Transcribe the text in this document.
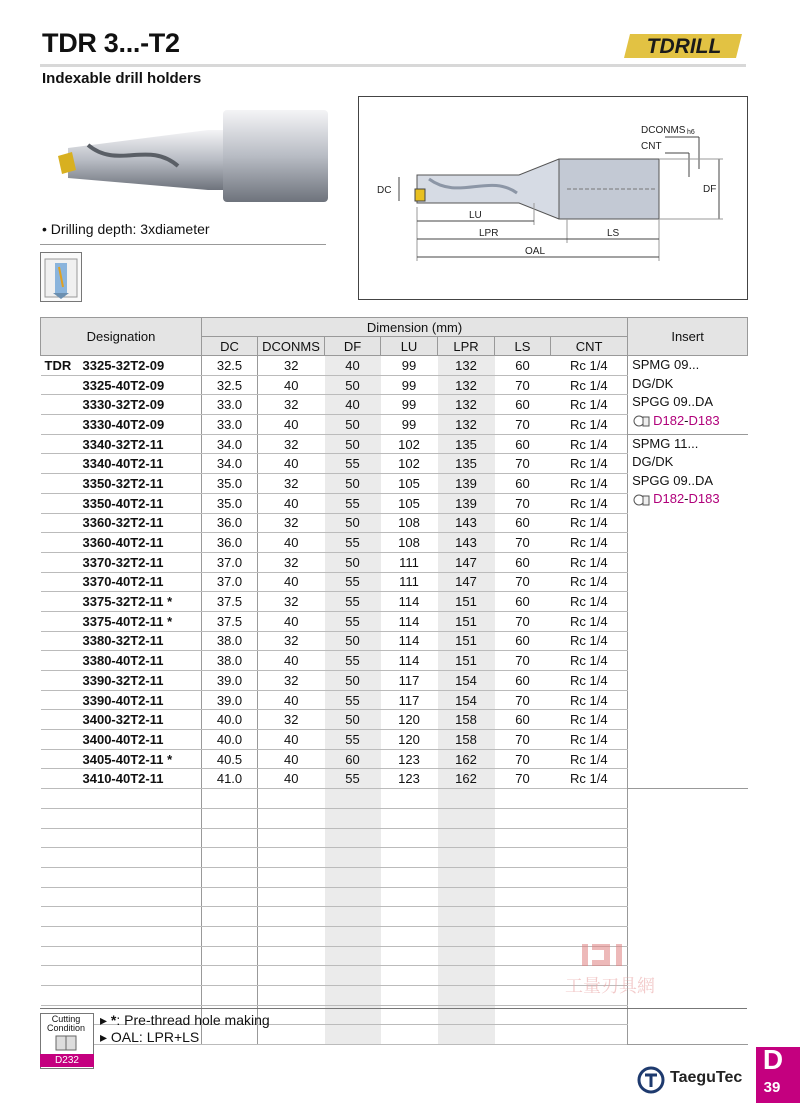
TDR 3...-T2
Indexable drill holders
TDRILL
• Drilling depth: 3xdiameter
DCONMS h6
CNT
DF
DC
LU
LPR	LS
OAL
Designation	Dimension (mm)							Insert
	DC	DCONMS	DF	LU	LPR	LS	CNT	
TDR 3325-32T2-09	32.5	32	40	99	132	60	Rc 1/4	SPMG 09...
DG/DK
SPGG 09..DA
D182-D183

3325-40T2-09	32.5	40	50	99	132	70	Rc 1/4	
3330-32T2-09	33.0	32	40	99	132	60	Rc 1/4	
3330-40T2-09	33.0	40	50	99	132	70	Rc 1/4	
3340-32T2-11	34.0	32	50	102	135	60	Rc 1/4	SPMG 11...
DG/DK
SPGG 09..DA
D182-D183

3340-40T2-11	34.0	40	55	102	135	70	Rc 1/4	
3350-32T2-11	35.0	32	50	105	139	60	Rc 1/4	
3350-40T2-11	35.0	40	55	105	139	70	Rc 1/4	
3360-32T2-11	36.0	32	50	108	143	60	Rc 1/4	
3360-40T2-11	36.0	40	55	108	143	70	Rc 1/4	
3370-32T2-11	37.0	32	50	111	147	60	Rc 1/4	
3370-40T2-11	37.0	40	55	111	147	70	Rc 1/4	
3375-32T2-11 *	37.5	32	55	114	151	60	Rc 1/4	
3375-40T2-11 *	37.5	40	55	114	151	70	Rc 1/4	
3380-32T2-11	38.0	32	50	114	151	60	Rc 1/4	
3380-40T2-11	38.0	40	55	114	151	70	Rc 1/4	
3390-32T2-11	39.0	32	50	117	154	60	Rc 1/4	
3390-40T2-11	39.0	40	55	117	154	70	Rc 1/4	
3400-32T2-11	40.0	32	50	120	158	60	Rc 1/4	
3400-40T2-11	40.0	40	55	120	158	70	Rc 1/4	
3405-40T2-11 *	40.5	40	60	123	162	70	Rc 1/4	
3410-40T2-11	41.0	40	55	123	162	70	Rc 1/4	

工量刃具網
Cutting Condition
D232
▸ *: Pre-thread hole making
▸ OAL: LPR+LS
D
39
TaeguTec
